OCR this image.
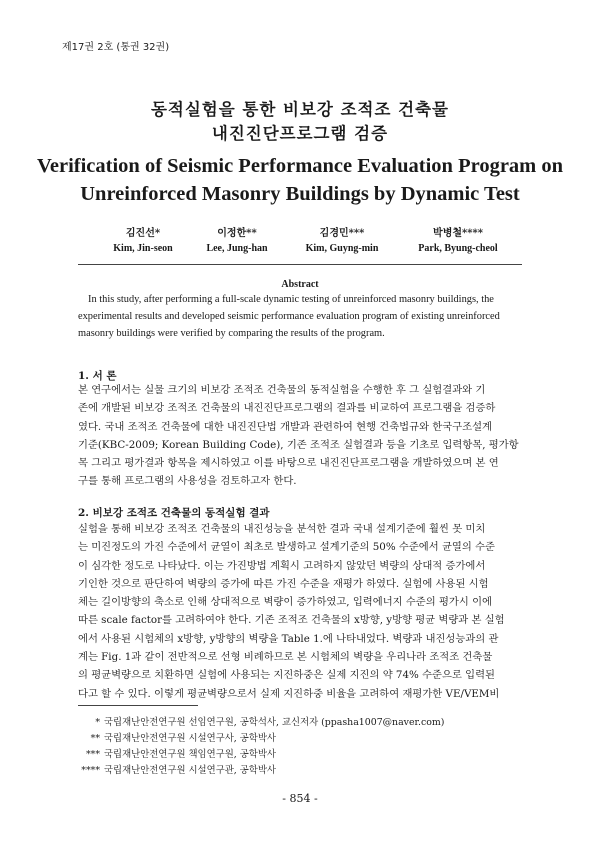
제17권 2호 (통권 32권)
동적실험을 통한 비보강 조적조 건축물
내진진단프로그램 검증
Verification of Seismic Performance Evaluation Program on
Unreinforced Masonry Buildings by Dynamic Test
김진선*
Kim, Jin-seon
이정한**
Lee, Jung-han
김경민***
Kim, Guyng-min
박병철****
Park, Byung-cheol
Abstract
In this study, after performing a full-scale dynamic testing of unreinforced masonry buildings, the
experimental results and developed seismic performance evaluation program of existing unreinforced
masonry buildings were verified by comparing the results of the program.
1. 서 론
본 연구에서는 실물 크기의 비보강 조적조 건축물의 동적실험을 수행한 후 그 실험결과와 기
존에 개발된 비보강 조적조 건축물의 내진진단프로그램의 결과를 비교하여 프로그램을 검증하
였다. 국내 조적조 건축물에 대한 내진진단법 개발과 관련하여 현행 건축법규와 한국구조설계
기준(KBC-2009; Korean Building Code), 기존 조적조 실험결과 등을 기초로 입력항목, 평가항
목 그리고 평가결과 항목을 제시하였고 이를 바탕으로 내진진단프로그램을 개발하였으며 본 연
구를 통해 프로그램의 사용성을 검토하고자 한다.
2. 비보강 조적조 건축물의 동적실험 결과
실험을 통해 비보강 조적조 건축물의 내진성능을 분석한 결과 국내 설계기준에 훨씬 못 미치
는 미진정도의 가진 수준에서 균열이 최초로 발생하고 설계기준의 50% 수준에서 균열의 수준
이 심각한 정도로 나타났다. 이는 가진방법 계획시 고려하지 않았던 벽량의 상대적 증가에서
기인한 것으로 판단하여 벽량의 증가에 따른 가진 수준을 재평가 하였다. 실험에 사용된 시험
체는 길이방향의 축소로 인해 상대적으로 벽량이 증가하였고, 입력에너지 수준의 평가시 이에
따른 scale factor를 고려하여야 한다. 기존 조적조 건축물의 x방향, y방향 평균 벽량과 본 실험
에서 사용된 시험체의 x방향, y방향의 벽량을 Table 1.에 나타내었다. 벽량과 내진성능과의 관
계는 Fig. 1과 같이 전반적으로 선형 비례하므로 본 시험체의 벽량을 우리나라 조적조 건축물
의 평균벽량으로 치환하면 실험에 사용되는 지진하중은 실제 지진의 약 74% 수준으로 입력된
다고 할 수 있다. 이렇게 평균벽량으로서 실제 지진하중 비율을 고려하여 재평가한 VE/VEM비
* 국립재난안전연구원 선임연구원, 공학석사, 교신저자 (ppasha1007@naver.com)
** 국립재난안전연구원 시설연구사, 공학박사
*** 국립재난안전연구원 책임연구원, 공학박사
**** 국립재난안전연구원 시설연구관, 공학박사
- 854 -
